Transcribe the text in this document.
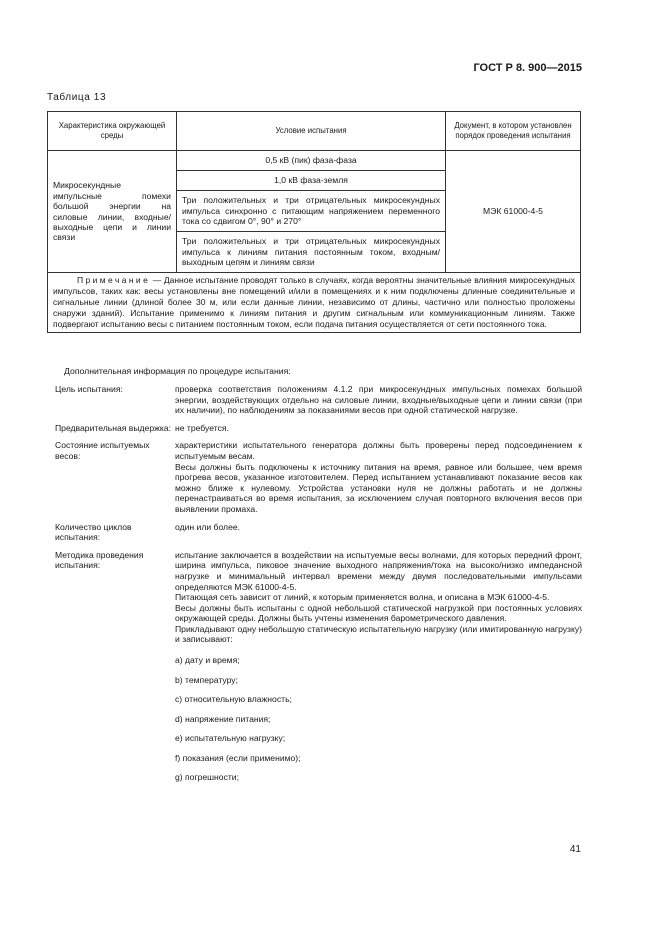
ГОСТ Р 8. 900—2015
Таблица 13
Характеристика окружающей среды	Условие испытания	Документ, в котором установлен порядок проведения испытания
Микросекундные импульсные помехи большой энергии на силовые линии, входные/выходные цепи и линии связи	0,5 кВ (пик) фаза-фаза	МЭК 61000-4-5
	1,0 кВ фаза-земля	
	Три положительных и три отрицательных микросекундных импульса синхронно с питающим напряжением переменного тока со сдвигом 0°, 90° и 270°	
	Три положительных и три отрицательных микросекундных импульса к линиям питания постоянным током, входным/выходным цепям и линиям связи	
Примечание — Данное испытание проводят только в случаях, когда вероятны значительные влияния микросекундных импульсов, таких как: весы установлены вне помещений и/или в помещениях и к ним подключены длинные соединительные и сигнальные линии (длиной более 30 м, или если данные линии, независимо от длины, частично или полностью проложены снаружи зданий). Испытание применимо к линиям питания и другим сигнальным или коммуникационным линиям. Также подвергают испытанию весы с питанием постоянным током, если подача питания осуществляется от сети постоянного тока.		
Дополнительная информация по процедуре испытания:
Цель испытания:	проверка соответствия положениям 4.1.2 при микросекундных импульсных помехах большой энергии, воздействующих отдельно на силовые линии, входные/выходные цепи и линии связи (при их наличии), по наблюдениям за показаниями весов при одной статической нагрузке.

Предварительная выдержка: не требуется.

Состояние испытуемых весов:

характеристики испытательного генератора должны быть проверены перед подсоединением к испытуемым весам.

Весы должны быть подключены к источнику питания на время, равное или большее, чем время прогрева весов, указанное изготовителем. Перед испытанием устанавливают показание весов как можно ближе к нулевому. Устройства установки нуля не должны работать и не должны перенастраиваться во время испытания, за исключением случая повторного включения весов при выявлении промаха.

Количество циклов испытания:

один или более.

Методика проведения испытания:

испытание заключается в воздействии на испытуемые весы волнами, для которых передний фронт, ширина импульса, пиковое значение выходного напряжения/тока на высоко/низко импедансной нагрузке и минимальный интервал времени между двумя последовательными импульсами определяются МЭК 61000-4-5.

Питающая сеть зависит от линий, к которым применяется волна, и описана в МЭК 61000-4-5.

Весы должны быть испытаны с одной небольшой статической нагрузкой при постоянных условиях окружающей среды. Должны быть учтены изменения барометрического давления.

Прикладывают одну небольшую статическую испытательную нагрузку (или имитированную нагрузку) и записывают:

a) дату и время;

b) температуру;

c) относительную влажность;

d) напряжение питания;

e) испытательную нагрузку;

f) показания (если применимо);

g) погрешности;

41
